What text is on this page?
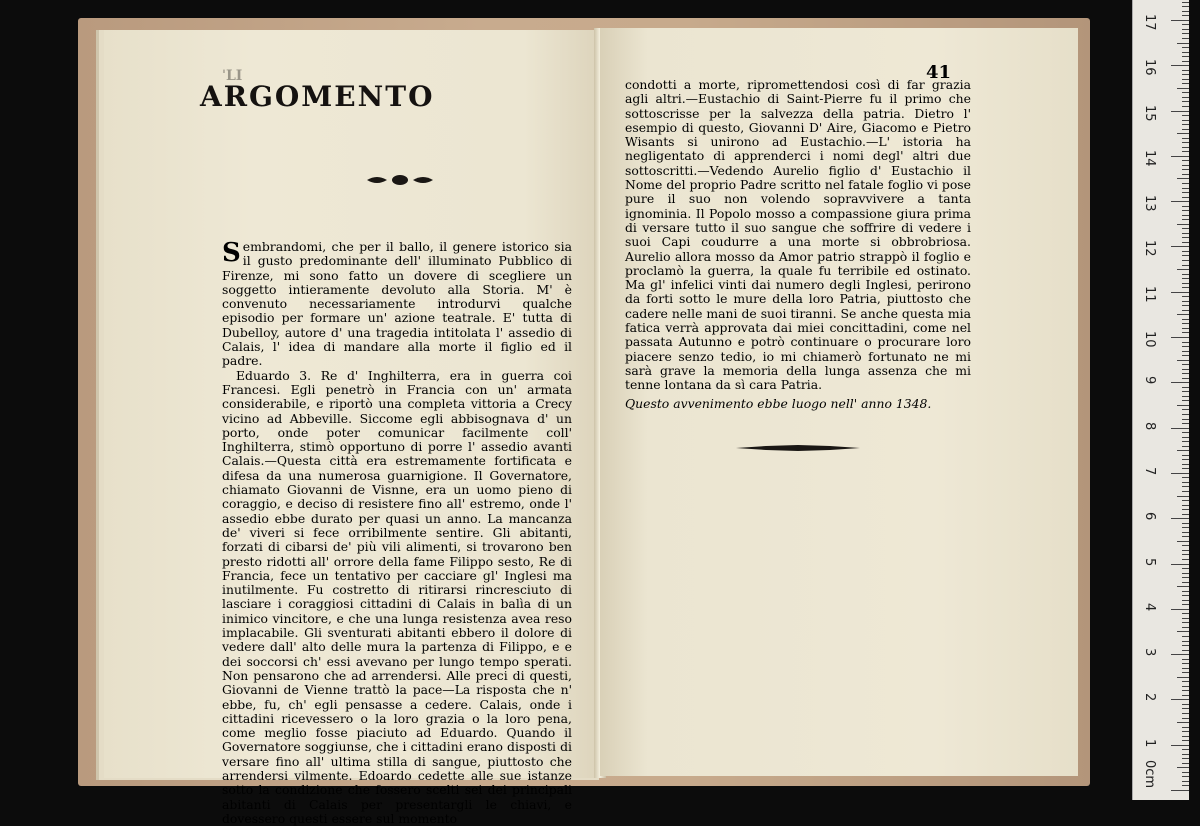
ˈLI
ARGOMENTO

Sembrandomi, che per il ballo, il genere istorico sia il gusto predominante dell' illuminato Pubblico di Firenze, mi sono fatto un dovere di scegliere un soggetto intieramente devoluto alla Storia. M' è convenuto necessariamente introdurvi qualche episodio per formare un' azione teatrale. E' tutta di Dubelloy, autore d' una tragedia intitolata l' assedio di Calais, l' idea di mandare alla morte il figlio ed il padre.

Eduardo 3. Re d' Inghilterra, era in guerra coi Francesi. Egli penetrò in Francia con un' armata considerabile, e riportò una completa vittoria a Crecy vicino ad Abbeville. Siccome egli abbisognava d' un porto, onde poter comunicar facilmente coll' Inghilterra, stimò opportuno di porre l' assedio avanti Calais.—Questa città era estremamente fortificata e difesa da una numerosa guarnigione. Il Governatore, chiamato Giovanni de Visnne, era un uomo pieno di coraggio, e deciso di resistere fino all' estremo, onde l' assedio ebbe durato per quasi un anno. La mancanza de' viveri si fece orribilmente sentire. Gli abitanti, forzati di cibarsi de' più vili alimenti, si trovarono ben presto ridotti all' orrore della fame Filippo sesto, Re di Francia, fece un tentativo per cacciare gl' Inglesi ma inutilmente. Fu costretto di ritirarsi rincresciuto di lasciare i coraggiosi cittadini di Calais in balìa di un inimico vincitore, e che una lunga resistenza avea reso implacabile. Gli sventurati abitanti ebbero il dolore di vedere dall' alto delle mura la partenza di Filippo, e e dei soccorsi ch' essi avevano per lungo tempo sperati. Non pensarono che ad arrendersi. Alle preci di questi, Giovanni de Vienne trattò la pace—La risposta che n' ebbe, fu, ch' egli pensasse a cedere. Calais, onde i cittadini ricevessero o la loro grazia o la loro pena, come meglio fosse piaciuto ad Eduardo. Quando il Governatore soggiunse, che i cittadini erano disposti di versare fino all' ultima stilla di sangue, piuttosto che arrendersi vilmente. Edoardo cedette alle sue istanze sotto la condizione che fossero scelti sei dei principali abitanti di Calais per presentargli le chiavi, e dovessero questi essere sul momento

41

condotti a morte, ripromettendosi così di far grazia agli altri.—Eustachio di Saint-Pierre fu il primo che sottoscrisse per la salvezza della patria. Dietro l' esempio di questo, Giovanni D' Aire, Giacomo e Pietro Wisants si unirono ad Eustachio.—L' istoria ha negligentato di apprenderci i nomi degl' altri due sottoscritti.—Vedendo Aurelio figlio d' Eustachio il Nome del proprio Padre scritto nel fatale foglio vi pose pure il suo non volendo sopravvivere a tanta ignominia. Il Popolo mosso a compassione giura prima di versare tutto il suo sangue che soffrire di vedere i suoi Capi coudurre a una morte si obbrobriosa. Aurelio allora mosso da Amor patrio strappò il foglio e proclamò la guerra, la quale fu terribile ed ostinato. Ma gl' infelici vinti dai numero degli Inglesi, perirono da forti sotto le mure della loro Patria, piuttosto che cadere nelle mani de suoi tiranni. Se anche questa mia fatica verrà approvata dai miei concittadini, come nel passata Autunno e potrò continuare o procurare loro piacere senzo tedio, io mi chiamerò fortunato ne mi sarà grave la memoria della lunga assenza che mi tenne lontana da sì cara Patria.

Questo avvenimento ebbe luogo nell' anno 1348.

0cm
1
2
3
4
5
6
7
8
9
10
11
12
13
14
15
16
17
